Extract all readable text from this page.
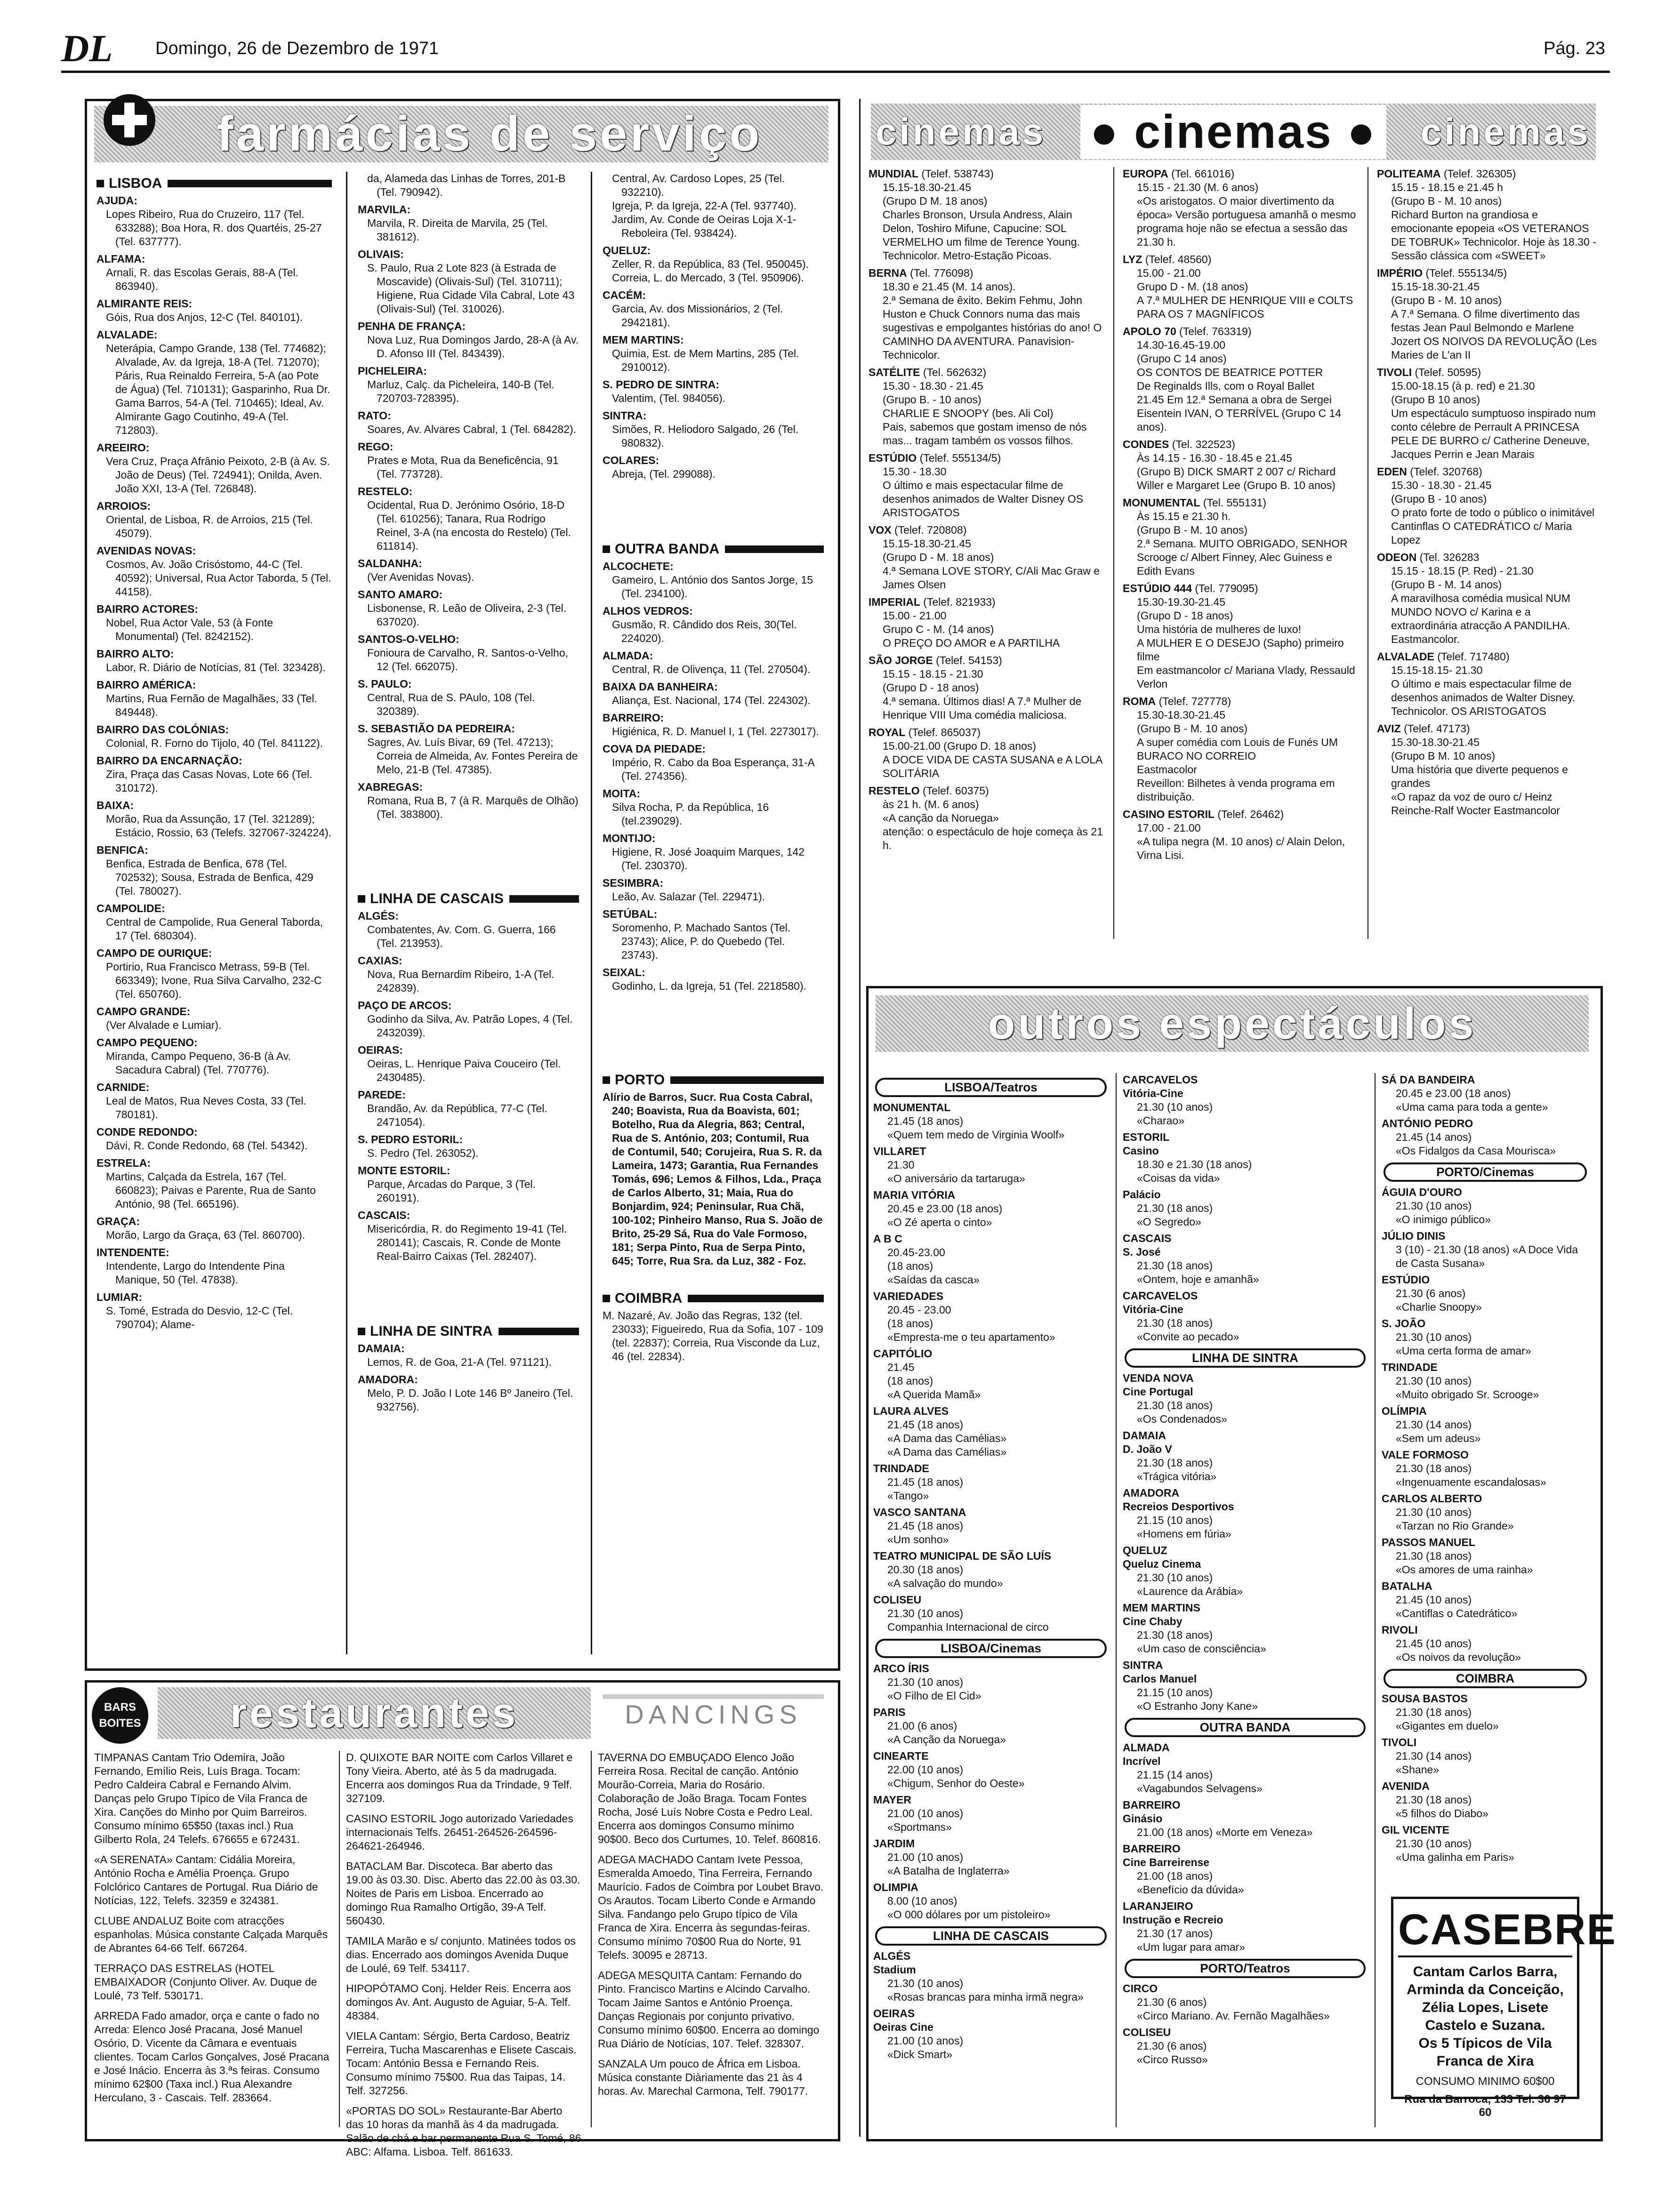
DL Domingo, 26 de Dezembro de 1971	Pág. 23
farmácias de serviço
LISBOA
AJUDA:
Lopes Ribeiro, Rua do Cruzeiro, 117 (Tel. 633288); Boa Hora, R. dos Quartéis, 25-27 (Tel. 637777).
ALFAMA:
Arnali, R. das Escolas Gerais, 88-A (Tel. 863940).
ALMIRANTE REIS:
Góis, Rua dos Anjos, 12-C (Tel. 840101).
ALVALADE:
Neterápia, Campo Grande, 138 (Tel. 774682); Alvalade, Av. da Igreja, 18-A (Tel. 712070); Páris, Rua Reinaldo Ferreira, 5-A (ao Pote de Água) (Tel. 710131); Gasparinho, Rua Dr. Gama Barros, 54-A (Tel. 710465); Ideal, Av. Almirante Gago Coutinho, 49-A (Tel. 712803).
AREEIRO:
Vera Cruz, Praça Afrânio Peixoto, 2-B (à Av. S. João de Deus) (Tel. 724941); Onilda, Aven. João XXI, 13-A (Tel. 726848).
ARROIOS:
Oriental, de Lisboa, R. de Arroios, 215 (Tel. 45079).
AVENIDAS NOVAS:
Cosmos, Av. João Crisóstomo, 44-C (Tel. 40592); Universal, Rua Actor Taborda, 5 (Tel. 44158).
BAIRRO ACTORES:
Nobel, Rua Actor Vale, 53 (à Fonte Monumental) (Tel. 8242152).
BAIRRO ALTO:
Labor, R. Diário de Notícias, 81 (Tel. 323428).
BAIRRO AMÉRICA:
Martins, Rua Fernão de Magalhães, 33 (Tel. 849448).
BAIRRO DAS COLÓNIAS:
Colonial, R. Forno do Tijolo, 40 (Tel. 841122).
BAIRRO DA ENCARNAÇÃO:
Zira, Praça das Casas Novas, Lote 66 (Tel. 310172).
BAIXA:
Morão, Rua da Assunção, 17 (Tel. 321289); Estácio, Rossio, 63 (Telefs. 327067-324224).
BENFICA:
Benfica, Estrada de Benfica, 678 (Tel. 702532); Sousa, Estrada de Benfica, 429 (Tel. 780027).
CAMPOLIDE:
Central de Campolide, Rua General Taborda, 17 (Tel. 680304).
CAMPO DE OURIQUE:
Portirio, Rua Francisco Metrass, 59-B (Tel. 663349); Ivone, Rua Silva Carvalho, 232-C (Tel. 650760).
CAMPO GRANDE:
(Ver Alvalade e Lumiar).
CAMPO PEQUENO:
Miranda, Campo Pequeno, 36-B (à Av. Sacadura Cabral) (Tel. 770776).
CARNIDE:
Leal de Matos, Rua Neves Costa, 33 (Tel. 780181).
CONDE REDONDO:
Dávi, R. Conde Redondo, 68 (Tel. 54342).
ESTRELA:
Martins, Calçada da Estrela, 167 (Tel. 660823); Paivas e Parente, Rua de Santo António, 98 (Tel. 665196).
GRAÇA:
Morão, Largo da Graça, 63 (Tel. 860700).
INTENDENTE:
Intendente, Largo do Intendente Pina Manique, 50 (Tel. 47838).
LUMIAR:
S. Tomé, Estrada do Desvio, 12-C (Tel. 790704); Alame-
da, Alameda das Linhas de Torres, 201-B (Tel. 790942).
MARVILA:
Marvila, R. Direita de Marvila, 25 (Tel. 381612).
OLIVAIS:
S. Paulo, Rua 2 Lote 823 (à Estrada de Moscavide) (Olivais-Sul) (Tel. 310711); Higiene, Rua Cidade Vila Cabral, Lote 43 (Olivais-Sul) (Tel. 310026).
PENHA DE FRANÇA:
Nova Luz, Rua Domingos Jardo, 28-A (à Av. D. Afonso III (Tel. 843439).
PICHELEIRA:
Marluz, Calç. da Picheleira, 140-B (Tel. 720703-728395).
RATO:
Soares, Av. Alvares Cabral, 1 (Tel. 684282).
REGO:
Prates e Mota, Rua da Beneficência, 91 (Tel. 773728).
RESTELO:
Ocidental, Rua D. Jerónimo Osório, 18-D (Tel. 610256); Tanara, Rua Rodrigo Reinel, 3-A (na encosta do Restelo) (Tel. 611814).
SALDANHA:
(Ver Avenidas Novas).
SANTO AMARO:
Lisbonense, R. Leão de Oliveira, 2-3 (Tel. 637020).
SANTOS-O-VELHO:
Fonioura de Carvalho, R. Santos-o-Velho, 12 (Tel. 662075).
S. PAULO:
Central, Rua de S. PAulo, 108 (Tel. 320389).
S. SEBASTIÃO DA PEDREIRA:
Sagres, Av. Luís Bivar, 69 (Tel. 47213); Correia de Almeida, Av. Fontes Pereira de Melo, 21-B (Tel. 47385).
XABREGAS:
Romana, Rua B, 7 (à R. Marquês de Olhão) (Tel. 383800).
LINHA DE CASCAIS
ALGÉS:
Combatentes, Av. Com. G. Guerra, 166 (Tel. 213953).
CAXIAS:
Nova, Rua Bernardim Ribeiro, 1-A (Tel. 242839).
PAÇO DE ARCOS:
Godinho da Silva, Av. Patrão Lopes, 4 (Tel. 2432039).
OEIRAS:
Oeiras, L. Henrique Paiva Couceiro (Tel. 2430485).
PAREDE:
Brandão, Av. da República, 77-C (Tel. 2471054).
S. PEDRO ESTORIL:
S. Pedro (Tel. 263052).
MONTE ESTORIL:
Parque, Arcadas do Parque, 3 (Tel. 260191).
CASCAIS:
Misericórdia, R. do Regimento 19-41 (Tel. 280141); Cascais, R. Conde de Monte Real-Bairro Caixas (Tel. 282407).
LINHA DE SINTRA
DAMAIA:
Lemos, R. de Goa, 21-A (Tel. 971121).
AMADORA:
Melo, P. D. João I Lote 146 Bº Janeiro (Tel. 932756).
Central, Av. Cardoso Lopes, 25 (Tel. 932210).
Igreja, P. da Igreja, 22-A (Tel. 937740).
Jardim, Av. Conde de Oeiras Loja X-1-Reboleira (Tel. 938424).
QUELUZ:
Zeller, R. da República, 83 (Tel. 950045).
Correia, L. do Mercado, 3 (Tel. 950906).
CACÉM:
Garcia, Av. dos Missionários, 2 (Tel. 2942181).
MEM MARTINS:
Quimia, Est. de Mem Martins, 285 (Tel. 2910012).
S. PEDRO DE SINTRA:
Valentim, (Tel. 984056).
SINTRA:
Simões, R. Heliodoro Salgado, 26 (Tel. 980832).
COLARES:
Abreja, (Tel. 299088).
OUTRA BANDA
ALCOCHETE:
Gameiro, L. António dos Santos Jorge, 15 (Tel. 234100).
ALHOS VEDROS:
Gusmão, R. Cândido dos Reis, 30(Tel. 224020).
ALMADA:
Central, R. de Olivença, 11 (Tel. 270504).
BAIXA DA BANHEIRA:
Aliança, Est. Nacional, 174 (Tel. 224302).
BARREIRO:
Higiénica, R. D. Manuel I, 1 (Tel. 2273017).
COVA DA PIEDADE:
Império, R. Cabo da Boa Esperança, 31-A (Tel. 274356).
MOITA:
Silva Rocha, P. da República, 16 (tel.239029).
MONTIJO:
Higiene, R. José Joaquim Marques, 142 (Tel. 230370).
SESIMBRA:
Leão, Av. Salazar (Tel. 229471).
SETÚBAL:
Soromenho, P. Machado Santos (Tel. 23743); Alice, P. do Quebedo (Tel. 23743).
SEIXAL:
Godinho, L. da Igreja, 51 (Tel. 2218580).
PORTO
Alírio de Barros, Sucr. Rua Costa Cabral, 240; Boavista, Rua da Boavista, 601; Botelho, Rua da Alegria, 863; Central, Rua de S. António, 203; Contumil, Rua de Contumil, 540; Corujeira, Rua S. R. da Lameira, 1473; Garantia, Rua Fernandes Tomás, 696; Lemos & Filhos, Lda., Praça de Carlos Alberto, 31; Maia, Rua do Bonjardim, 924; Peninsular, Rua Chã, 100-102; Pinheiro Manso, Rua S. João de Brito, 25-29 Sá, Rua do Vale Formoso, 181; Serpa Pinto, Rua de Serpa Pinto, 645; Torre, Rua Sra. da Luz, 382 - Foz.
COIMBRA
M. Nazaré, Av. João das Regras, 132 (tel. 23033); Figueiredo, Rua da Sofia, 107 - 109 (tel. 22837); Correia, Rua Visconde da Luz, 46 (tel. 22834).
cinemas ● cinemas ● cinemas
MUNDIAL (Telef. 538743)
15.15-18.30-21.45
(Grupo D M. 18 anos)
Charles Bronson, Ursula Andress, Alain Delon, Toshiro Mifune, Capucine: SOL VERMELHO um filme de Terence Young. Technicolor. Metro-Estação Picoas.
BERNA (Tel. 776098)
18.30 e 21.45 (M. 14 anos).
2.ª Semana de êxito. Bekim Fehmu, John Huston e Chuck Connors numa das mais sugestivas e empolgantes histórias do ano! O CAMINHO DA AVENTURA. Panavision-Technicolor.
SATÉLITE (Tel. 562632)
15.30 - 18.30 - 21.45
(Grupo B. - 10 anos)
CHARLIE E SNOOPY (bes. Ali Col)
Pais, sabemos que gostam imenso de nós mas... tragam também os vossos filhos.
ESTÚDIO (Telef. 555134/5)
15.30 - 18.30
O último e mais espectacular filme de desenhos animados de Walter Disney OS ARISTOGATOS
VOX (Telef. 720808)
15.15-18.30-21.45
(Grupo D - M. 18 anos)
4.ª Semana LOVE STORY, C/Ali Mac Graw e James Olsen
IMPERIAL (Telef. 821933)
15.00 - 21.00
Grupo C - M. (14 anos)
O PREÇO DO AMOR e A PARTILHA
SÃO JORGE (Telef. 54153)
15.15 - 18.15 - 21.30
(Grupo D - 18 anos)
4.ª semana. Últimos dias! A 7.ª Mulher de Henrique VIII Uma comédia maliciosa.
ROYAL (Telef. 865037)
15.00-21.00 (Grupo D. 18 anos)
A DOCE VIDA DE CASTA SUSANA e A LOLA SOLITÁRIA
RESTELO (Telef. 60375)
às 21 h. (M. 6 anos)
«A canção da Noruega»
atenção: o espectáculo de hoje começa às 21 h.
EUROPA (Tel. 661016)
15.15 - 21.30 (M. 6 anos)
«Os aristogatos. O maior divertimento da época» Versão portuguesa amanhã o mesmo programa hoje não se efectua a sessão das 21.30 h.
LYZ (Telef. 48560)
15.00 - 21.00
Grupo D - M. (18 anos)
A 7.ª MULHER DE HENRIQUE VIII e COLTS PARA OS 7 MAGNÍFICOS
APOLO 70 (Telef. 763319)
14.30-16.45-19.00
(Grupo C 14 anos)
OS CONTOS DE BEATRICE POTTER
De Reginalds Ills, com o Royal Ballet
21.45 Em 12.ª Semana a obra de Sergei Eisentein IVAN, O TERRÍVEL (Grupo C 14 anos).
CONDES (Tel. 322523)
Às 14.15 - 16.30 - 18.45 e 21.45
(Grupo B) DICK SMART 2 007 c/ Richard Willer e Margaret Lee (Grupo B. 10 anos)
MONUMENTAL (Tel. 555131)
Às 15.15 e 21.30 h.
(Grupo B - M. 10 anos)
2.ª Semana. MUITO OBRIGADO, SENHOR Scrooge c/ Albert Finney, Alec Guiness e Edith Evans
ESTÚDIO 444 (Tel. 779095)
15.30-19.30-21.45
(Grupo D - 18 anos)
Uma história de mulheres de luxo!
A MULHER E O DESEJO (Sapho) primeiro filme
Em eastmancolor c/ Mariana Vlady, Ressauld Verlon
ROMA (Telef. 727778)
15.30-18.30-21.45
(Grupo B - M. 10 anos)
A super comédia com Louis de Funés UM BURACO NO CORREIO
Eastmacolor
Reveillon: Bilhetes à venda programa em distribuição.
CASINO ESTORIL (Telef. 26462)
17.00 - 21.00
«A tulipa negra (M. 10 anos) c/ Alain Delon, Virna Lisi.
POLITEAMA (Telef. 326305)
15.15 - 18.15 e 21.45 h
(Grupo B - M. 10 anos)
Richard Burton na grandiosa e emocionante epopeia «OS VETERANOS DE TOBRUK» Technicolor. Hoje às 18.30 - Sessão clássica com «SWEET»
IMPÉRIO (Telef. 555134/5)
15.15-18.30-21.45
(Grupo B - M. 10 anos)
A 7.ª Semana. O filme divertimento das festas Jean Paul Belmondo e Marlene Jozert OS NOIVOS DA REVOLUÇÃO (Les Maries de L'an II
TIVOLI (Telef. 50595)
15.00-18.15 (à p. red) e 21.30
(Grupo B 10 anos)
Um espectáculo sumptuoso inspirado num conto célebre de Perrault A PRINCESA PELE DE BURRO c/ Catherine Deneuve, Jacques Perrin e Jean Marais
EDEN (Telef. 320768)
15.30 - 18.30 - 21.45
(Grupo B - 10 anos)
O prato forte de todo o público o inimitável Cantinflas O CATEDRÁTICO c/ Maria Lopez
ODEON (Tel. 326283
15.15 - 18.15 (P. Red) - 21.30
(Grupo B - M. 14 anos)
A maravilhosa comédia musical NUM MUNDO NOVO c/ Karina e a extraordinária atracção A PANDILHA. Eastmancolor.
ALVALADE (Telef. 717480)
15.15-18.15- 21.30
O último e mais espectacular filme de desenhos animados de Walter Disney. Technicolor. OS ARISTOGATOS
AVIZ (Telef. 47173)
15.30-18.30-21.45
(Grupo B M. 10 anos)
Uma história que diverte pequenos e grandes
«O rapaz da voz de ouro c/ Heinz Reinche-Ralf Wocter Eastmancolor
outros espectáculos
LISBOA/Teatros
MONUMENTAL
21.45 (18 anos)
«Quem tem medo de Virginia Woolf»
VILLARET
21.30
«O aniversário da tartaruga»
MARIA VITÓRIA
20.45 e 23.00 (18 anos)
«O Zé aperta o cinto»
A B C
20.45-23.00
(18 anos)
«Saídas da casca»
VARIEDADES
20.45 - 23.00
(18 anos)
«Empresta-me o teu apartamento»
CAPITÓLIO
21.45
(18 anos)
«A Querida Mamã»
LAURA ALVES
21.45 (18 anos)
«A Dama das Camélias»
«A Dama das Camélias»
TRINDADE
21.45 (18 anos)
«Tango»
VASCO SANTANA
21.45 (18 anos)
«Um sonho»
TEATRO MUNICIPAL DE SÃO LUÍS
20.30 (18 anos)
«A salvação do mundo»
COLISEU
21.30 (10 anos)
Companhia Internacional de circo
LISBOA/Cinemas
ARCO ÍRIS
21.30 (10 anos)
«O Filho de El Cid»
PARIS
21.00 (6 anos)
«A Canção da Noruega»
CINEARTE
22.00 (10 anos)
«Chigum, Senhor do Oeste»
MAYER
21.00 (10 anos)
«Sportmans»
JARDIM
21.00 (10 anos)
«A Batalha de Inglaterra»
OLIMPIA
8.00 (10 anos)
«O 000 dólares por um pistoleiro»
LINHA DE CASCAIS
ALGÉS
Stadium
21.30 (10 anos)
«Rosas brancas para minha irmã negra»
OEIRAS
Oeiras Cine
21.00 (10 anos)
«Dick Smart»
CARCAVELOS
Vitória-Cine
21.30 (10 anos)
«Charao»
ESTORIL
Casino
18.30 e 21.30 (18 anos)
«Coisas da vida»
Palácio
21.30 (18 anos)
«O Segredo»
CASCAIS
S. José
21.30 (18 anos)
«Ontem, hoje e amanhã»
CARCAVELOS
Vitória-Cine
21.30 (18 anos)
«Convite ao pecado»
LINHA DE SINTRA
VENDA NOVA
Cine Portugal
21.30 (18 anos)
«Os Condenados»
DAMAIA
D. João V
21.30 (18 anos)
«Trágica vitória»
AMADORA
Recreios Desportivos
21.15 (10 anos)
«Homens em fúria»
QUELUZ
Queluz Cinema
21.30 (10 anos)
«Laurence da Arábia»
MEM MARTINS
Cine Chaby
21.30 (18 anos)
«Um caso de consciência»
SINTRA
Carlos Manuel
21.15 (10 anos)
«O Estranho Jony Kane»
OUTRA BANDA
ALMADA
Incrível
21.15 (14 anos)
«Vagabundos Selvagens»
BARREIRO
Ginásio
21.00 (18 anos) «Morte em Veneza»
BARREIRO
Cine Barreirense
21.00 (18 anos)
«Benefício da dúvida»
LARANJEIRO
Instrução e Recreio
21.30 (17 anos)
«Um lugar para amar»
PORTO/Teatros
CIRCO
21.30 (6 anos)
«Circo Mariano. Av. Fernão Magalhães»
COLISEU
21.30 (6 anos)
«Circo Russo»
SÁ DA BANDEIRA
20.45 e 23.00 (18 anos)
«Uma cama para toda a gente»
ANTÓNIO PEDRO
21.45 (14 anos)
«Os Fidalgos da Casa Mourisca»
PORTO/Cinemas
ÁGUIA D'OURO
21.30 (10 anos)
«O inimigo público»
JÚLIO DINIS
3 (10) - 21.30 (18 anos) «A Doce Vida de Casta Susana»
ESTÚDIO
21.30 (6 anos)
«Charlie Snoopy»
S. JOÃO
21.30 (10 anos)
«Uma certa forma de amar»
TRINDADE
21.30 (10 anos)
«Muito obrigado Sr. Scrooge»
OLÍMPIA
21.30 (14 anos)
«Sem um adeus»
VALE FORMOSO
21.30 (18 anos)
«Ingenuamente escandalosas»
CARLOS ALBERTO
21.30 (10 anos)
«Tarzan no Rio Grande»
PASSOS MANUEL
21.30 (18 anos)
«Os amores de uma rainha»
BATALHA
21.45 (10 anos)
«Cantiflas o Catedrático»
RIVOLI
21.45 (10 anos)
«Os noivos da revolução»
COIMBRA
SOUSA BASTOS
21.30 (18 anos)
«Gigantes em duelo»
TIVOLI
21.30 (14 anos)
«Shane»
AVENIDA
21.30 (18 anos)
«5 filhos do Diabo»
GIL VICENTE
21.30 (10 anos)
«Uma galinha em Paris»
CASEBRE
Cantam Carlos Barra, Arminda da Conceição, Zélia Lopes, Lisete Castelo e Suzana.
Os 5 Típicos de Vila Franca de Xira
CONSUMO MINIMO 60$00
Rua da Barroca, 133 Tel. 36 97 60
BARS
BOITES restaurantes	DANCINGS

TIMPANAS Cantam Trio Odemira, João Fernando, Emílio Reis, Luís Braga. Tocam: Pedro Caldeira Cabral e Fernando Alvim. Danças pelo Grupo Típico de Vila Franca de Xira. Canções do Minho por Quim Barreiros. Consumo mínimo 65$50 (taxas incl.) Rua Gilberto Rola, 24 Telefs. 676655 e 672431.

«A SERENATA» Cantam: Cidália Moreira, António Rocha e Amélia Proença. Grupo Folclórico Cantares de Portugal. Rua Diário de Notícias, 122, Telefs. 32359 e 324381.

CLUBE ANDALUZ Boite com atracções espanholas. Música constante Calçada Marquês de Abrantes 64-66 Telf. 667264.

TERRAÇO DAS ESTRELAS (HOTEL EMBAIXADOR (Conjunto Oliver. Av. Duque de Loulé, 73 Telf. 530171.

ARREDA Fado amador, orça e cante o fado no Arreda: Elenco José Pracana, José Manuel Osório, D. Vicente da Câmara e eventuais clientes. Tocam Carlos Gonçalves, José Pracana e José Inácio. Encerra às 3.ªs feiras. Consumo mínimo 62$00 (Taxa incl.) Rua Alexandre Herculano, 3 - Cascais. Telf. 283664.

D. QUIXOTE BAR NOITE com Carlos Villaret e Tony Vieira. Aberto, até às 5 da madrugada. Encerra aos domingos Rua da Trindade, 9 Telf. 327109.

CASINO ESTORIL Jogo autorizado Variedades internacionais Telfs. 26451-264526-264596-264621-264946.

BATACLAM Bar. Discoteca. Bar aberto das 19.00 às 03.30. Disc. Aberto das 22.00 às 03.30. Noites de Paris em Lisboa. Encerrado ao domingo Rua Ramalho Ortigão, 39-A Telf. 560430.

TAMILA Marão e s/ conjunto. Matinées todos os dias. Encerrado aos domingos Avenida Duque de Loulé, 69 Telf. 534117.

HIPOPÓTAMO Conj. Helder Reis. Encerra aos domingos Av. Ant. Augusto de Aguiar, 5-A. Telf. 48384.

VIELA Cantam: Sérgio, Berta Cardoso, Beatriz Ferreira, Tucha Mascarenhas e Elisete Cascais. Tocam: António Bessa e Fernando Reis. Consumo mínimo 75$00. Rua das Taipas, 14. Telf. 327256.

«PORTAS DO SOL» Restaurante-Bar Aberto das 10 horas da manhã às 4 da madrugada. Salão de chá e bar permanente Rua S. Tomé, 86 ABC: Alfama. Lisboa. Telf. 861633.

TAVERNA DO EMBUÇADO Elenco João Ferreira Rosa. Recital de canção. António Mourão-Correia, Maria do Rosário. Colaboração de João Braga. Tocam Fontes Rocha, José Luís Nobre Costa e Pedro Leal. Encerra aos domingos Consumo mínimo 90$00. Beco dos Curtumes, 10. Telef. 860816.

ADEGA MACHADO Cantam Ivete Pessoa, Esmeralda Amoedo, Tina Ferreira, Fernando Maurício. Fados de Coimbra por Loubet Bravo. Os Arautos. Tocam Liberto Conde e Armando Silva. Fandango pelo Grupo típico de Vila Franca de Xira. Encerra às segundas-feiras. Consumo mínimo 70$00 Rua do Norte, 91 Telefs. 30095 e 28713.

ADEGA MESQUITA Cantam: Fernando do Pinto. Francisco Martins e Alcindo Carvalho. Tocam Jaime Santos e António Proença. Danças Regionais por conjunto privativo. Consumo mínimo 60$00. Encerra ao domingo Rua Diário de Notícias, 107. Telef. 328307.

SANZALA Um pouco de África em Lisboa. Música constante Diàriamente das 21 às 4 horas. Av. Marechal Carmona, Telf. 790177.
